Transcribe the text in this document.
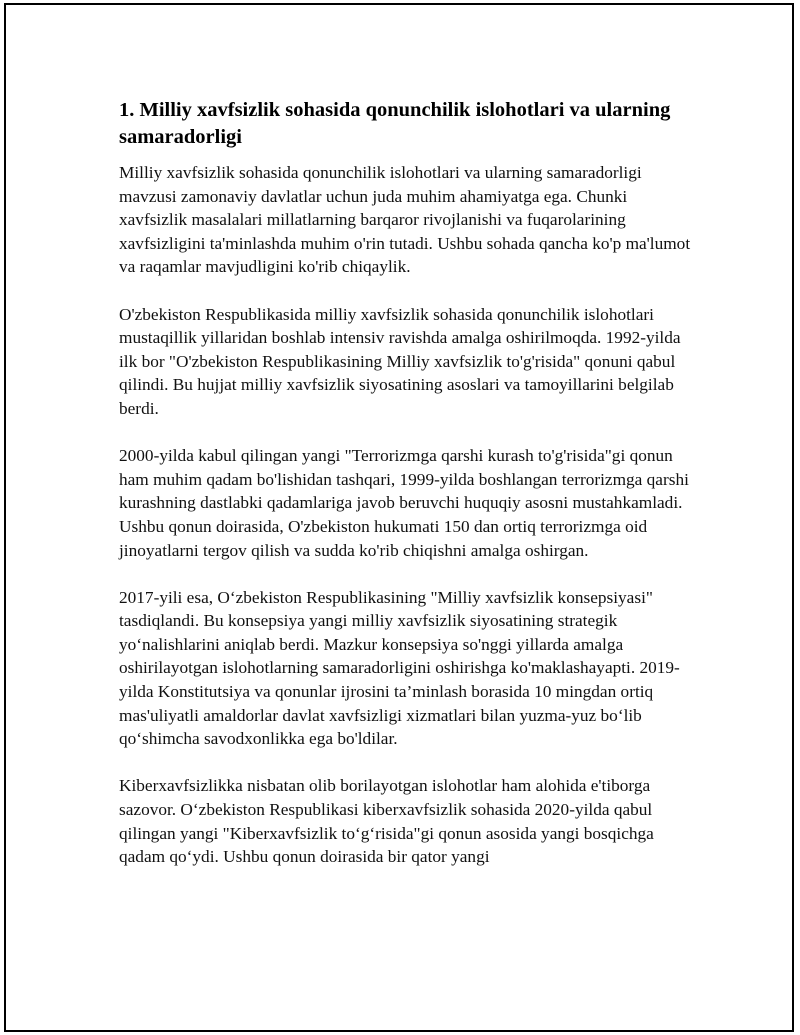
1. Milliy xavfsizlik sohasida qonunchilik islohotlari va ularning samaradorligi

Milliy xavfsizlik sohasida qonunchilik islohotlari va ularning samaradorligi mavzusi zamonaviy davlatlar uchun juda muhim ahamiyatga ega. Chunki xavfsizlik masalalari millatlarning barqaror rivojlanishi va fuqarolarining xavfsizligini ta'minlashda muhim o'rin tutadi. Ushbu sohada qancha ko'p ma'lumot va raqamlar mavjudligini ko'rib chiqaylik.

O'zbekiston Respublikasida milliy xavfsizlik sohasida qonunchilik islohotlari mustaqillik yillaridan boshlab intensiv ravishda amalga oshirilmoqda. 1992-yilda ilk bor "O'zbekiston Respublikasining Milliy xavfsizlik to'g'risida" qonuni qabul qilindi. Bu hujjat milliy xavfsizlik siyosatining asoslari va tamoyillarini belgilab berdi.

2000-yilda kabul qilingan yangi "Terrorizmga qarshi kurash to'g'risida"gi qonun ham muhim qadam bo'lishidan tashqari, 1999-yilda boshlangan terrorizmga qarshi kurashning dastlabki qadamlariga javob beruvchi huquqiy asosni mustahkamladi. Ushbu qonun doirasida, O'zbekiston hukumati 150 dan ortiq terrorizmga oid jinoyatlarni tergov qilish va sudda ko'rib chiqishni amalga oshirgan.

2017-yili esa, O‘zbekiston Respublikasining "Milliy xavfsizlik konsepsiyasi" tasdiqlandi. Bu konsepsiya yangi milliy xavfsizlik siyosatining strategik yo‘nalishlarini aniqlab berdi. Mazkur konsepsiya so'nggi yillarda amalga oshirilayotgan islohotlarning samaradorligini oshirishga ko'maklashayapti. 2019-yilda Konstitutsiya va qonunlar ijrosini ta’minlash borasida 10 mingdan ortiq mas'uliyatli amaldorlar davlat xavfsizligi xizmatlari bilan yuzma-yuz bo‘lib qo‘shimcha savodxonlikka ega bo'ldilar.

Kiberxavfsizlikka nisbatan olib borilayotgan islohotlar ham alohida e'tiborga sazovor. O‘zbekiston Respublikasi kiberxavfsizlik sohasida 2020-yilda qabul qilingan yangi "Kiberxavfsizlik to‘g‘risida"gi qonun asosida yangi bosqichga qadam qo‘ydi. Ushbu qonun doirasida bir qator yangi
